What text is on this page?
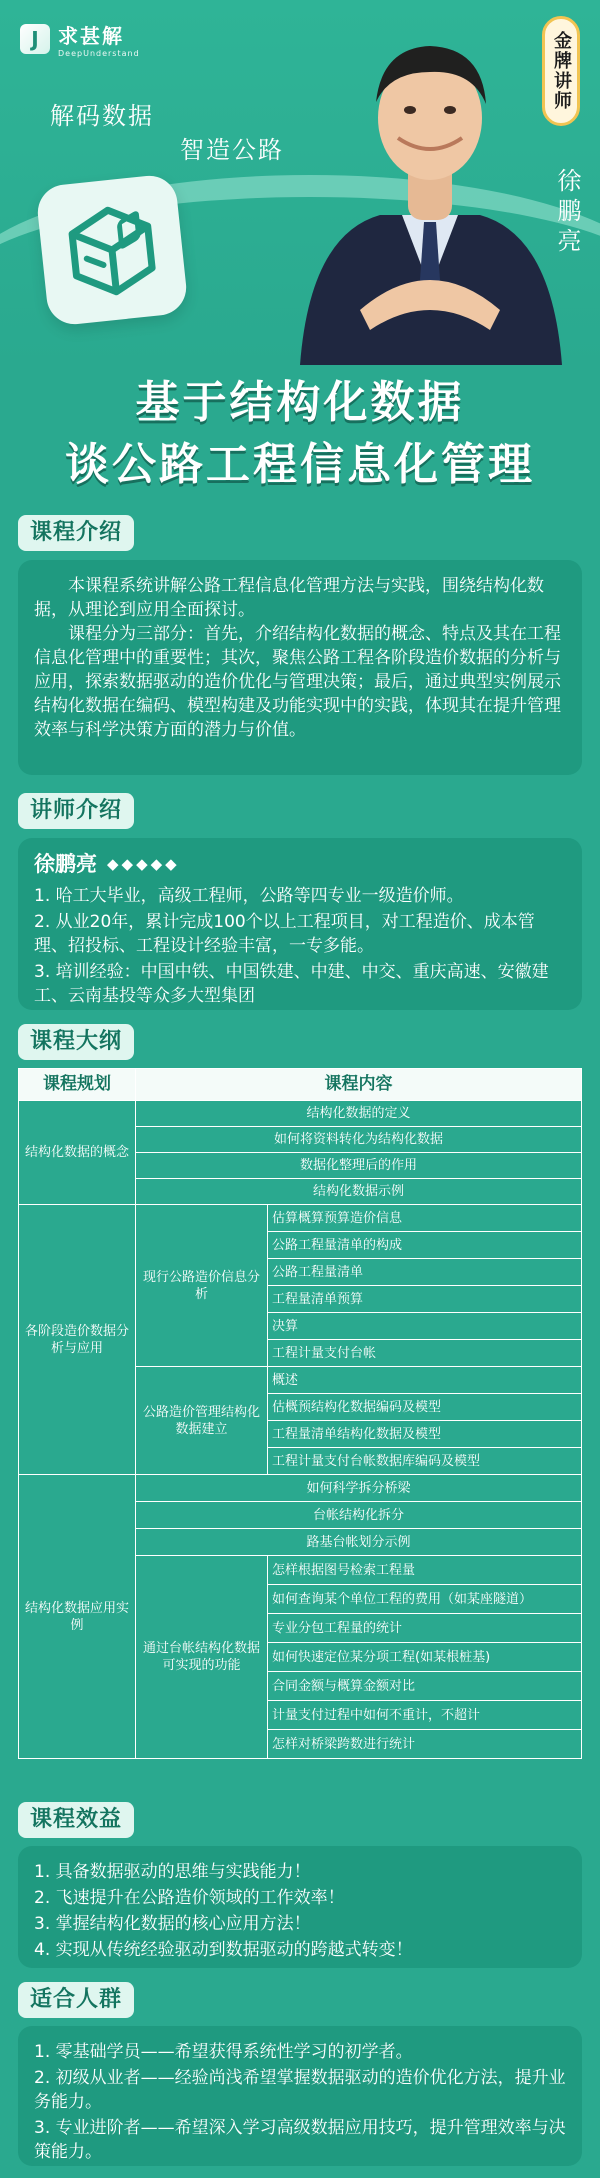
J 求甚解
DeepUnderstand
解码数据
智造公路
金牌讲师
徐鹏亮
基于结构化数据
谈公路工程信息化管理
课程介绍

本课程系统讲解公路工程信息化管理方法与实践，围绕结构化数据，从理论到应用全面探讨。

课程分为三部分：首先，介绍结构化数据的概念、特点及其在工程信息化管理中的重要性；其次，聚焦公路工程各阶段造价数据的分析与应用，探索数据驱动的造价优化与管理决策；最后，通过典型实例展示结构化数据在编码、模型构建及功能实现中的实践，体现其在提升管理效率与科学决策方面的潜力与价值。

讲师介绍
徐鹏亮 ◆◆◆◆◆
1. 哈工大毕业，高级工程师，公路等四专业一级造价师。
2. 从业20年，累计完成100个以上工程项目，对工程造价、成本管理、招投标、工程设计经验丰富，一专多能。
3. 培训经验：中国中铁、中国铁建、中建、中交、重庆高速、安徽建工、云南基投等众多大型集团
课程大纲
课程规划	课程内容	
结构化数据的概念	结构化数据的定义	
	如何将资料转化为结构化数据	
	数据化整理后的作用	
	结构化数据示例	
各阶段造价数据分析与应用	现行公路造价信息分析	估算概算预算造价信息
		公路工程量清单的构成
		公路工程量清单
		工程量清单预算
		决算
		工程计量支付台帐
	公路造价管理结构化数据建立	概述
		估概预结构化数据编码及模型
		工程量清单结构化数据及模型
		工程计量支付台帐数据库编码及模型
结构化数据应用实例	如何科学拆分桥梁	
	台帐结构化拆分	
	路基台帐划分示例	
	通过台帐结构化数据可实现的功能	怎样根据图号检索工程量
		如何查询某个单位工程的费用（如某座隧道）
		专业分包工程量的统计
		如何快速定位某分项工程(如某根桩基)
		合同金额与概算金额对比
		计量支付过程中如何不重计，不超计
		怎样对桥梁跨数进行统计
课程效益
1. 具备数据驱动的思维与实践能力！
2. 飞速提升在公路造价领域的工作效率！
3. 掌握结构化数据的核心应用方法！
4. 实现从传统经验驱动到数据驱动的跨越式转变！
适合人群
1. 零基础学员——希望获得系统性学习的初学者。
2. 初级从业者——经验尚浅希望掌握数据驱动的造价优化方法，提升业务能力。
3. 专业进阶者——希望深入学习高级数据应用技巧，提升管理效率与决策能力。
